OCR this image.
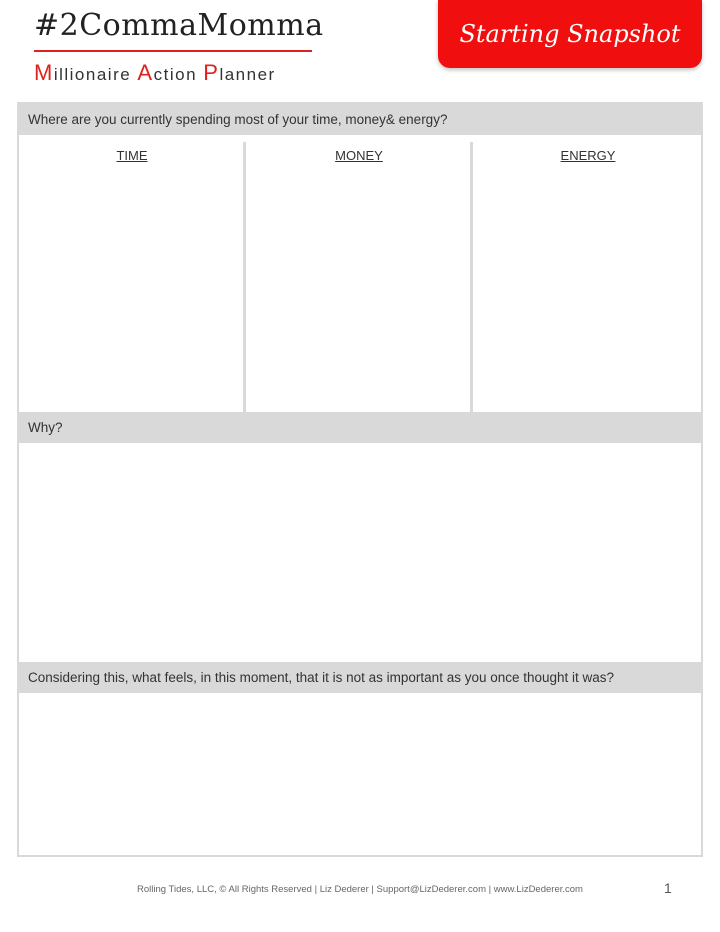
#2CommaMomma
Millionaire Action Planner
Starting Snapshot
Where are you currently spending most of your time, money& energy?
TIME	MONEY	ENERGY
Why?
Considering this, what feels, in this moment, that it is not as important as you once thought it was?
Rolling Tides, LLC, © All Rights Reserved | Liz Dederer | Support@LizDederer.com | www.LizDederer.com	1
